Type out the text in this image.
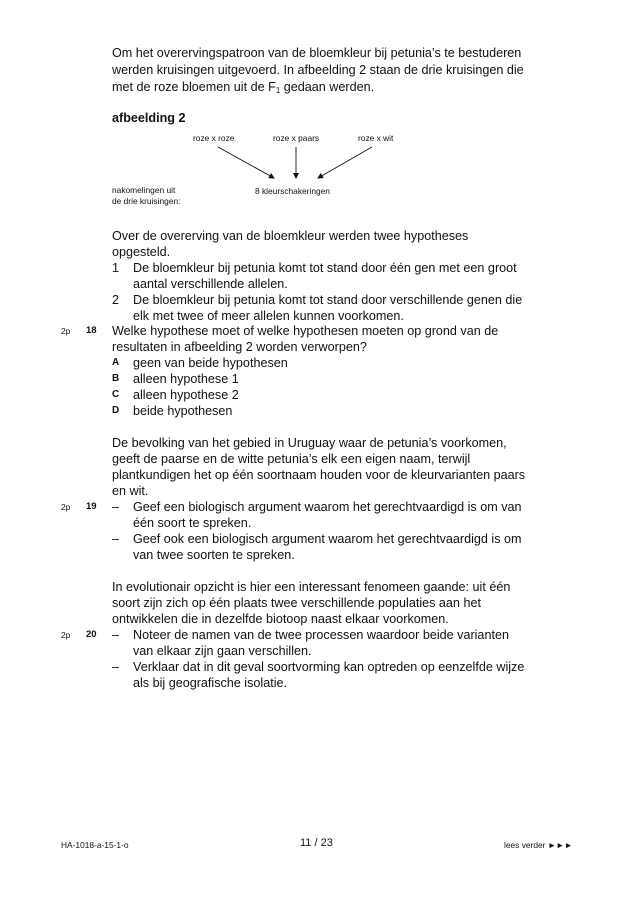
Om het overervingspatroon van de bloemkleur bij petunia’s te bestuderen
werden kruisingen uitgevoerd. In afbeelding 2 staan de drie kruisingen die
met de roze bloemen uit de $F_1$ gedaan werden.
afbeelding 2
roze x roze	roze x paars	roze x wit
nakomelingen uit
de drie kruisingen:
8 kleurschakeringen
Over de overerving van de bloemkleur werden twee hypotheses
opgesteld.
1 De bloemkleur bij petunia komt tot stand door één gen met een groot
aantal verschillende allelen.
2 De bloemkleur bij petunia komt tot stand door verschillende genen die
elk met twee of meer allelen kunnen voorkomen.
2p 18 Welke hypothese moet of welke hypothesen moeten op grond van de
resultaten in afbeelding 2 worden verworpen?
A geen van beide hypothesen
B alleen hypothese 1
C alleen hypothese 2
D beide hypothesen
De bevolking van het gebied in Uruguay waar de petunia’s voorkomen,
geeft de paarse en de witte petunia’s elk een eigen naam, terwijl
plantkundigen het op één soortnaam houden voor de kleurvarianten paars
en wit.
2p 19 – Geef een biologisch argument waarom het gerechtvaardigd is om van
één soort te spreken.
– Geef ook een biologisch argument waarom het gerechtvaardigd is om
van twee soorten te spreken.
In evolutionair opzicht is hier een interessant fenomeen gaande: uit één
soort zijn zich op één plaats twee verschillende populaties aan het
ontwikkelen die in dezelfde biotoop naast elkaar voorkomen.
2p 20 – Noteer de namen van de twee processen waardoor beide varianten
van elkaar zijn gaan verschillen.
– Verklaar dat in dit geval soortvorming kan optreden op eenzelfde wijze
als bij geografische isolatie.
HA-1018-a-15-1-o	11 / 23	lees verder ►►►
